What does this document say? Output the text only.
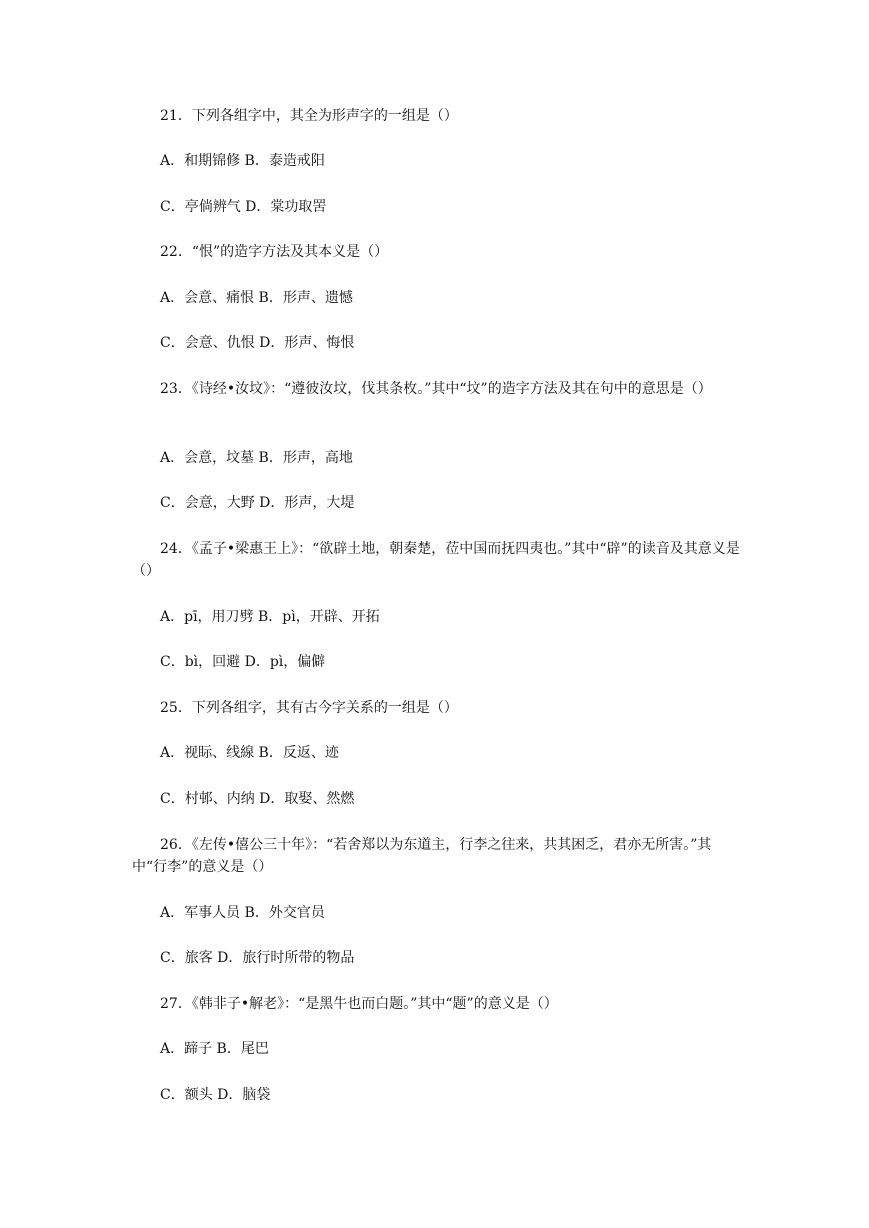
21．下列各组字中，其全为形声字的一组是（）
A．和期锦修 B．泰造戒阳
C．亭倘辨气 D．棠功取罟
22．“恨”的造字方法及其本义是（）
A．会意、痛恨 B．形声、遗憾
C．会意、仇恨 D．形声、悔恨
23．《诗经•汝坟》：“遵彼汝坟，伐其条枚。”其中“坟”的造字方法及其在句中的意思是（）
A．会意，坟墓 B．形声，高地
C．会意，大野 D．形声，大堤
24．《孟子•梁惠王上》：“欲辟土地，朝秦楚，莅中国而抚四夷也。”其中“辟”的读音及其意义是（）
A．pī，用刀劈 B．pì，开辟、开拓
C．bì，回避 D．pì，偏僻
25．下列各组字，其有古今字关系的一组是（）
A．视眎、线線 B．反返、迹
C．村邨、内纳 D．取娶、然燃
26．《左传•僖公三十年》：“若舍郑以为东道主，行李之往来，共其困乏，君亦无所害。”其中“行李”的意义是（）
A．军事人员 B．外交官员
C．旅客 D．旅行时所带的物品
27．《韩非子•解老》：“是黑牛也而白题。”其中“题”的意义是（）
A．蹄子 B．尾巴
C．额头 D．脑袋
